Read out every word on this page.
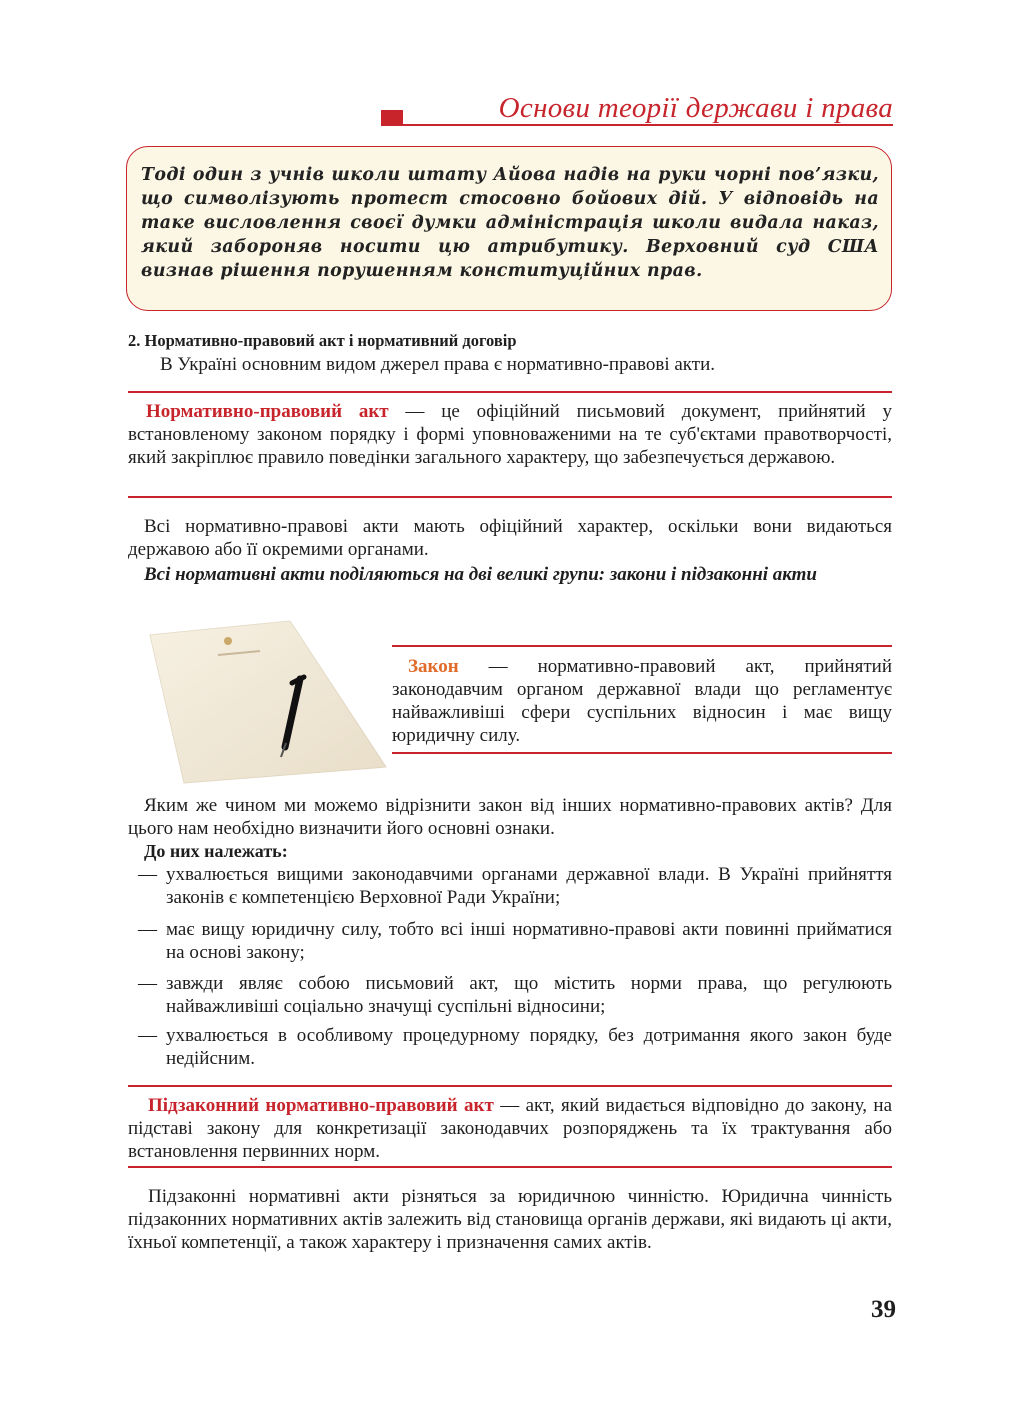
Основи теорії держави і права
Тоді один з учнів школи штату Айова надів на руки чорні пов’язки, що символізують протест стосовно бойових дій. У відповідь на таке висловлення своєї думки адміністрація школи видала наказ, який забороняв носити цю атрибутику. Верховний суд США визнав рішення порушенням конституційних прав.
2. Нормативно-правовий акт і нормативний договір
В Україні основним видом джерел права є нормативно-правові акти.
Нормативно-правовий акт — це офіційний письмовий документ, прийнятий у встановленому законом порядку і формі уповноваженими на те суб'єктами правотворчості, який закріплює правило поведінки загального характеру, що забезпечується державою.
Всі нормативно-правові акти мають офіційний характер, оскільки вони видаються державою або її окремими органами.
Всі нормативні акти поділяються на дві великі групи: закони і підзаконні акти
Закон — нормативно-правовий акт, прийнятий законодавчим органом державної влади що регламентує найважливіші сфери суспільних відносин і має вищу юридичну силу.
Яким же чином ми можемо відрізнити закон від інших нормативно-правових актів? Для цього нам необхідно визначити його основні ознаки.
До них належать:
— ухвалюється вищими законодавчими органами державної влади. В Україні прийняття законів є компетенцією Верховної Ради України;
— має вищу юридичну силу, тобто всі інші нормативно-правові акти повинні прийматися на основі закону;
— завжди являє собою письмовий акт, що містить норми права, що регулюють найважливіші соціально значущі суспільні відносини;
— ухвалюється в особливому процедурному порядку, без дотримання якого закон буде недійсним.
Підзаконний нормативно-правовий акт — акт, який видається відповідно до закону, на підставі закону для конкретизації законодавчих розпоряджень та їх трактування або встановлення первинних норм.
Підзаконні нормативні акти різняться за юридичною чинністю. Юридична чинність підзаконних нормативних актів залежить від становища органів держави, які видають ці акти, їхньої компетенції, а також характеру і призначення самих актів.
39
